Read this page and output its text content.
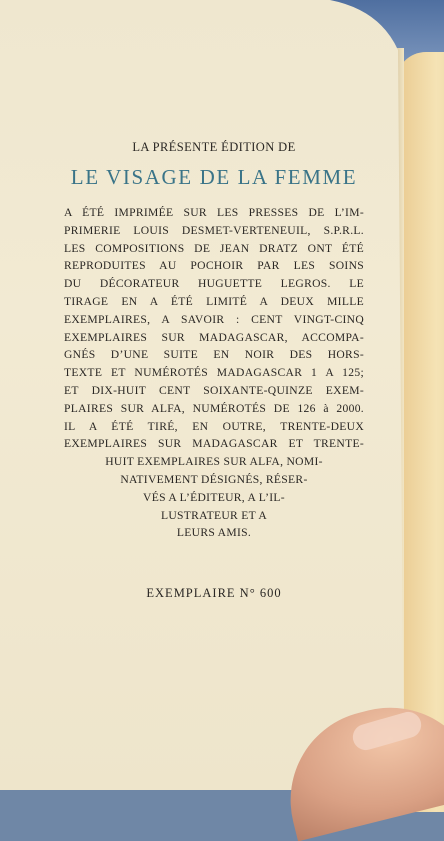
LA PRÉSENTE ÉDITION DE
LE VISAGE DE LA FEMME
A ÉTÉ IMPRIMÉE SUR LES PRESSES DE L’IM-
PRIMERIE LOUIS DESMET-VERTENEUIL, S.P.R.L.
LES COMPOSITIONS DE JEAN DRATZ ONT ÉTÉ
REPRODUITES AU POCHOIR PAR LES SOINS
DU DÉCORATEUR HUGUETTE LEGROS. LE
TIRAGE EN A ÉTÉ LIMITÉ A DEUX MILLE
EXEMPLAIRES, A SAVOIR : CENT VINGT-CINQ
EXEMPLAIRES SUR MADAGASCAR, ACCOMPA-
GNÉS D’UNE SUITE EN NOIR DES HORS-
TEXTE ET NUMÉROTÉS MADAGASCAR 1 A 125;
ET DIX-HUIT CENT SOIXANTE-QUINZE EXEM-
PLAIRES SUR ALFA, NUMÉROTÉS DE 126 à 2000.
IL A ÉTÉ TIRÉ, EN OUTRE, TRENTE-DEUX
EXEMPLAIRES SUR MADAGASCAR ET TRENTE-
HUIT EXEMPLAIRES SUR ALFA, NOMI-
NATIVEMENT DÉSIGNÉS, RÉSER-
VÉS A L’ÉDITEUR, A L’IL-
LUSTRATEUR ET A
LEURS AMIS.
EXEMPLAIRE N° 600
